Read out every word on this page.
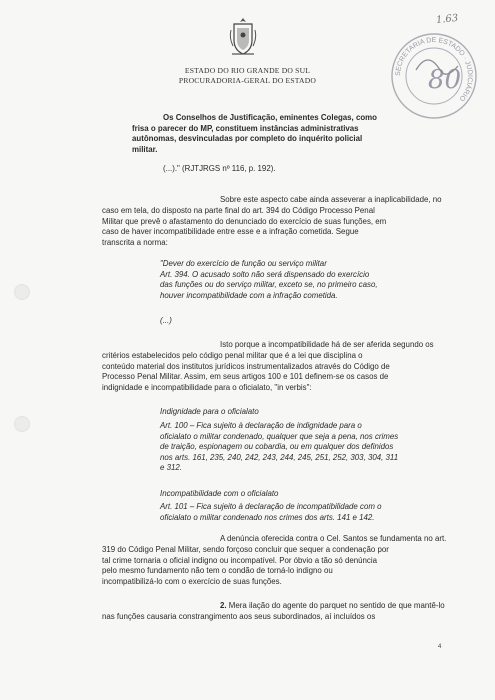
1.63
ESTADO DO RIO GRANDE DO SUL
PROCURADORIA-GERAL DO ESTADO
SECRETARIA DE ESTADO · JUDICIÁRIO
80

Os Conselhos de Justificação, eminentes Colegas, como

frisa o parecer do MP, constituem instâncias administrativas

autônomas, desvinculadas por completo do inquérito policial

militar.

(...)." (RJTJRGS nº 116, p. 192).

Sobre este aspecto cabe ainda asseverar a inaplicabilidade, no

caso em tela, do disposto na parte final do art. 394 do Código Processo Penal

Militar que prevê o afastamento do denunciado do exercício de suas funções, em

caso de haver incompatibilidade entre esse e a infração cometida. Segue

transcrita a norma:

"Dever do exercício de função ou serviço militar

Art. 394. O acusado solto não será dispensado do exercício

das funções ou do serviço militar, exceto se, no primeiro caso,

houver incompatibilidade com a infração cometida.

(...)

Isto porque a incompatibilidade há de ser aferida segundo os

critérios estabelecidos pelo código penal militar que é a lei que disciplina o

conteúdo material dos institutos jurídicos instrumentalizados através do Código de

Processo Penal Militar. Assim, em seus artigos 100 e 101 definem-se os casos de

indignidade e incompatibilidade para o oficialato, "in verbis":

Indignidade para o oficialato

Art. 100 – Fica sujeito à declaração de indignidade para o

oficialato o militar condenado, qualquer que seja a pena, nos crimes

de traição, espionagem ou cobardia, ou em qualquer dos definidos

nos arts. 161, 235, 240, 242, 243, 244, 245, 251, 252, 303, 304, 311

e 312.

Incompatibilidade com o oficialato

Art. 101 – Fica sujeito à declaração de incompatibilidade com o

oficialato o militar condenado nos crimes dos arts. 141 e 142.

A denúncia oferecida contra o Cel. Santos se fundamenta no art.

319 do Código Penal Militar, sendo forçoso concluir que sequer a condenação por

tal crime tornaria o oficial indigno ou incompatível. Por óbvio a tão só denúncia

pelo mesmo fundamento não tem o condão de torná-lo indigno ou

incompatibilizá-lo com o exercício de suas funções.

2. Mera ilação do agente do parquet no sentido de que mantê-lo

nas funções causaria constrangimento aos seus subordinados, aí incluídos os

4
